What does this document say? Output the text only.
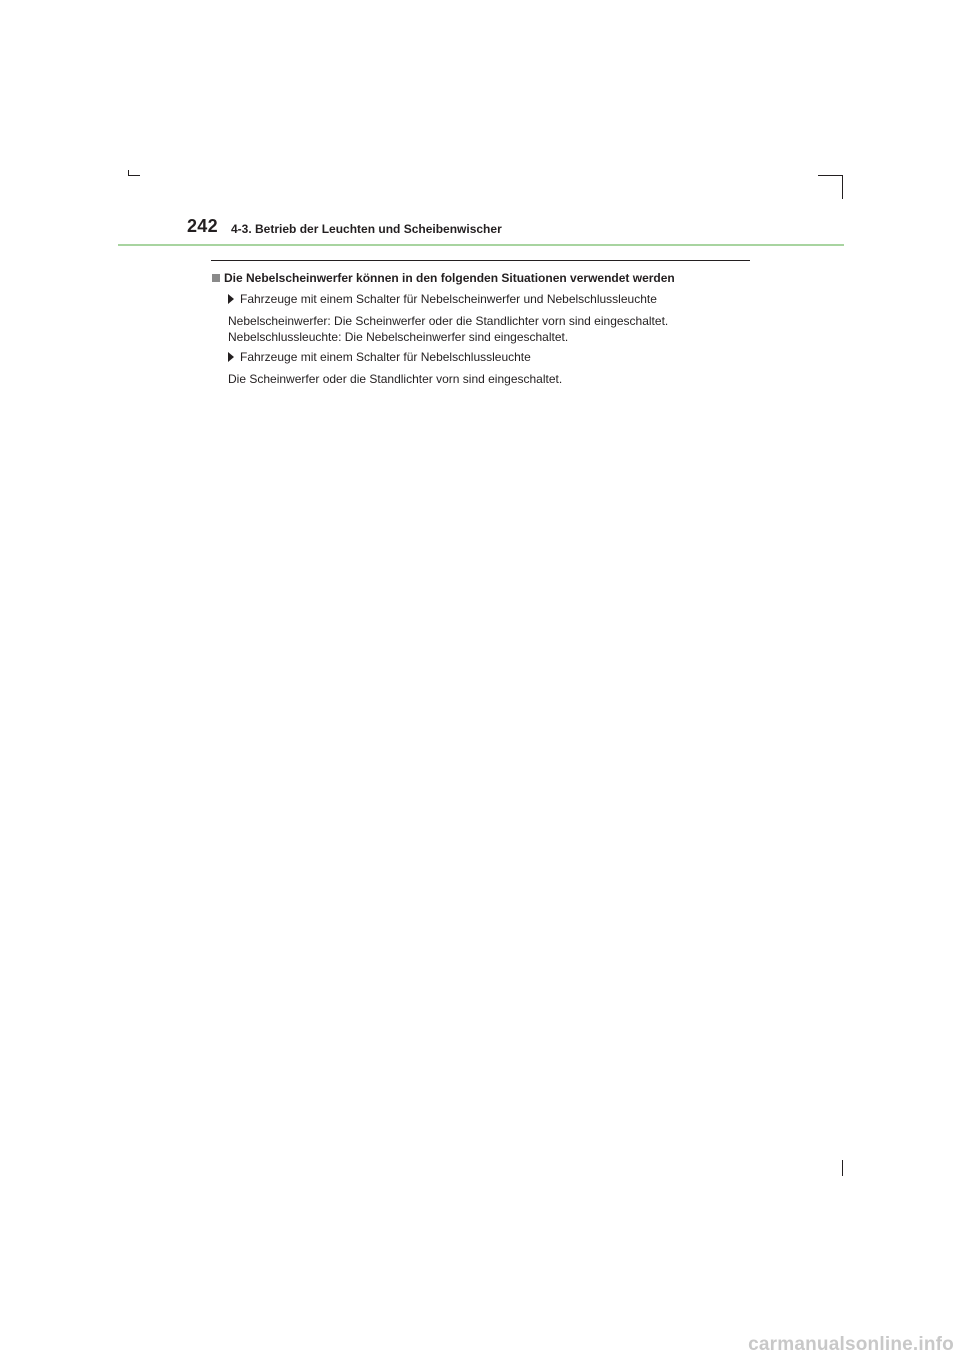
242 4-3. Betrieb der Leuchten und Scheibenwischer
Die Nebelscheinwerfer können in den folgenden Situationen verwendet werden
Fahrzeuge mit einem Schalter für Nebelscheinwerfer und Nebelschlussleuchte
Nebelscheinwerfer: Die Scheinwerfer oder die Standlichter vorn sind eingeschaltet.
Nebelschlussleuchte: Die Nebelscheinwerfer sind eingeschaltet.
Fahrzeuge mit einem Schalter für Nebelschlussleuchte
Die Scheinwerfer oder die Standlichter vorn sind eingeschaltet.
carmanualsonline.info
